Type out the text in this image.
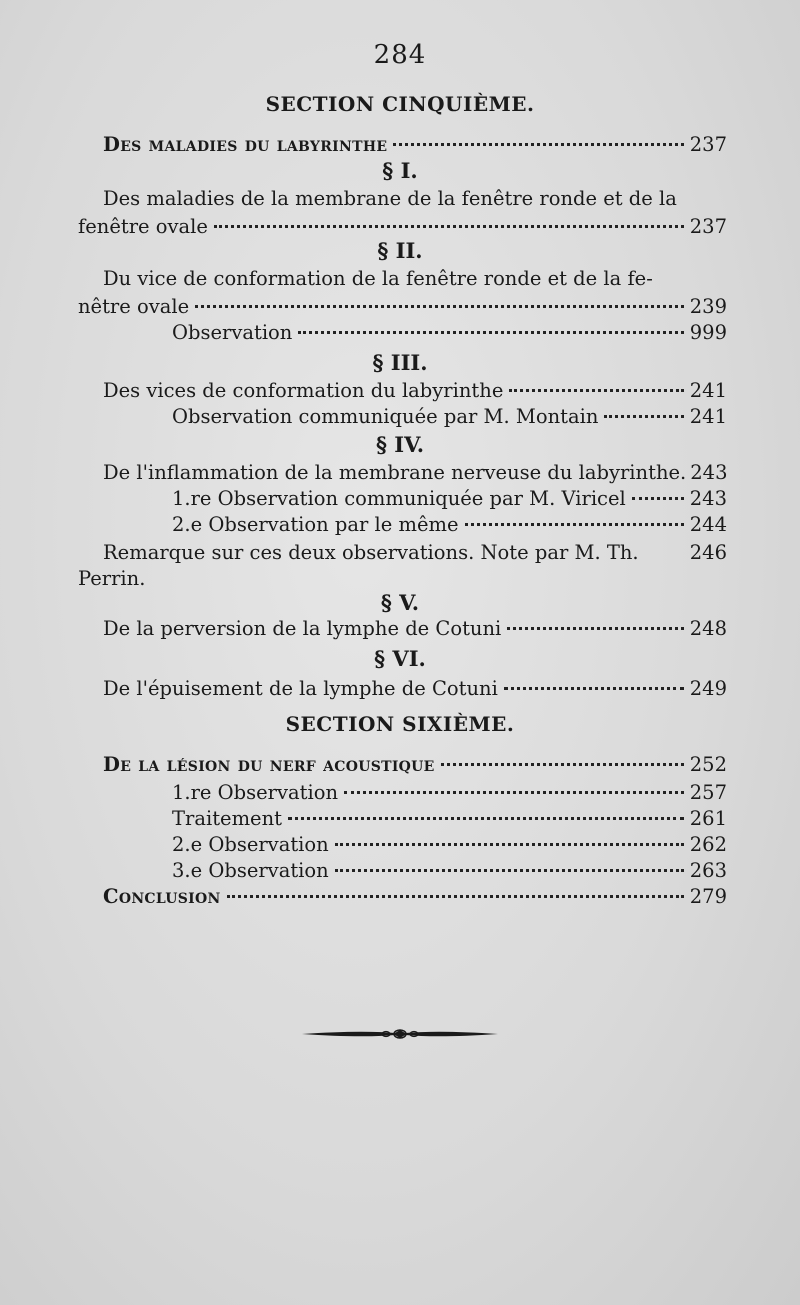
284
SECTION CINQUIÈME.
Des maladies du labyrinthe	237
§ I.
Des maladies de la membrane de la fenêtre ronde et de la
fenêtre ovale	237
§ II.
Du vice de conformation de la fenêtre ronde et de la fe-
nêtre ovale	239
Observation	999
§ III.
Des vices de conformation du labyrinthe	241
Observation communiquée par M. Montain	241
§ IV.
De l'inflammation de la membrane nerveuse du labyrinthe. 243
1.re Observation communiquée par M. Viricel	243
2.e Observation par le même	244
Remarque sur ces deux observations. Note par M. Th.	246
Perrin.
§ V.
De la perversion de la lymphe de Cotuni	248
§ VI.
De l'épuisement de la lymphe de Cotuni	249
SECTION SIXIÈME.
De la lésion du nerf acoustique	252
1.re Observation	257
Traitement	261
2.e Observation	262
3.e Observation	263
Conclusion	279
